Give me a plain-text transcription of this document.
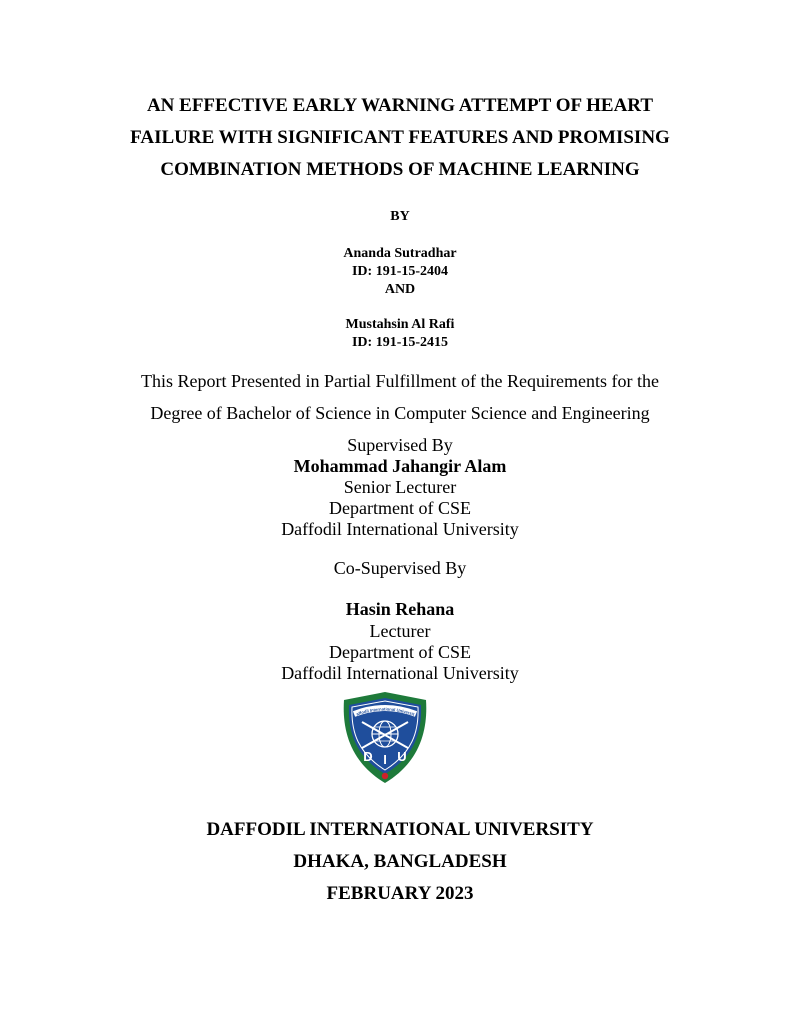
AN EFFECTIVE EARLY WARNING ATTEMPT OF HEART
FAILURE WITH SIGNIFICANT FEATURES AND PROMISING
COMBINATION METHODS OF MACHINE LEARNING
BY
Ananda Sutradhar
ID: 191-15-2404
AND
Mustahsin Al Rafi
ID: 191-15-2415
This Report Presented in Partial Fulfillment of the Requirements for the
Degree of Bachelor of Science in Computer Science and Engineering
Supervised By
Mohammad Jahangir Alam
Senior Lecturer
Department of CSE
Daffodil International University
Co-Supervised By
Hasin Rehana
Lecturer
Department of CSE
Daffodil International University
affodil International Universit
D I U
DAFFODIL INTERNATIONAL UNIVERSITY
DHAKA, BANGLADESH
FEBRUARY 2023
